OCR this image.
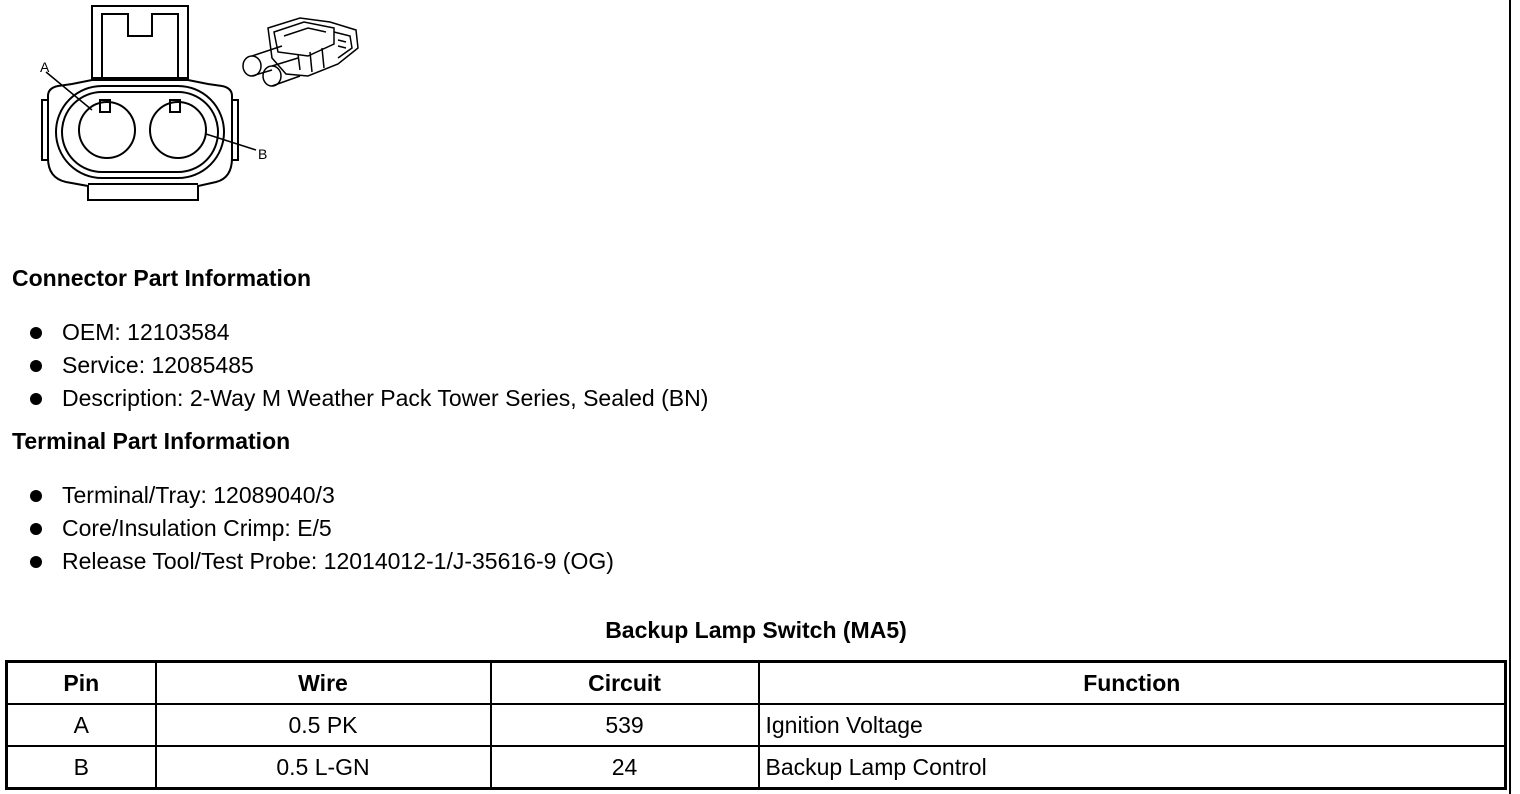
A
B
Connector Part Information
OEM: 12103584
Service: 12085485
Description: 2-Way M Weather Pack Tower Series, Sealed (BN)
Terminal Part Information
Terminal/Tray: 12089040/3
Core/Insulation Crimp: E/5
Release Tool/Test Probe: 12014012-1/J-35616-9 (OG)
Backup Lamp Switch (MA5)
Pin	Wire	Circuit	Function
A	0.5 PK	539	Ignition Voltage
B	0.5 L-GN	24	Backup Lamp Control
